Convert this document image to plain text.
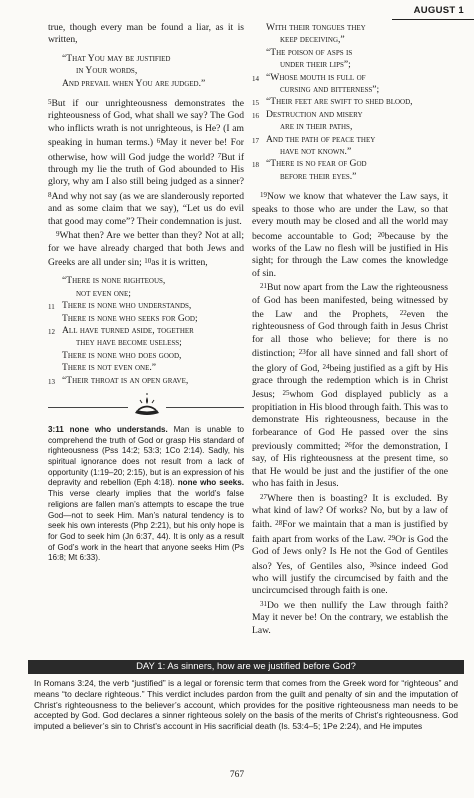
AUGUST 1
true, though every man be found a liar, as it is written,
“That You may be justified
in Your words,
And prevail when You are judged.”
$^5$But if our unrighteousness demonstrates the righteousness of God, what shall we say? The God who inflicts wrath is not unrighteous, is He? (I am speaking in human terms.) $^6$May it never be! For otherwise, how will God judge the world? $^7$But if through my lie the truth of God abounded to His glory, why am I also still being judged as a sinner? $^8$And why not say (as we are slanderously reported and as some claim that we say), “Let us do evil that good may come”? Their condemnation is just.
$^9$What then? Are we better than they? Not at all; for we have already charged that both Jews and Greeks are all under sin; $^{10}$as it is written,
“There is none righteous,
not even one;
11 There is none who understands,
There is none who seeks for God;
12 All have turned aside, together
they have become useless;
There is none who does good,
There is not even one.”
13 “Their throat is an open grave,
3:11 none who understands. Man is unable to comprehend the truth of God or grasp His standard of righteousness (Pss 14:2; 53:3; 1Co 2:14). Sadly, his spiritual ignorance does not result from a lack of opportunity (1:19–20; 2:15), but is an expression of his depravity and rebellion (Eph 4:18). none who seeks. This verse clearly implies that the world’s false religions are fallen man’s attempts to escape the true God—not to seek Him. Man’s natural tendency is to seek his own interests (Php 2:21), but his only hope is for God to seek him (Jn 6:37, 44). It is only as a result of God’s work in the heart that anyone seeks Him (Ps 16:8; Mt 6:33).
With their tongues they
keep deceiving,”
“The poison of asps is
under their lips”;
14 “Whose mouth is full of
cursing and bitterness”;
15 “Their feet are swift to shed blood,
16 Destruction and misery
are in their paths,
17 And the path of peace they
have not known.”
18 “There is no fear of God
before their eyes.”
$^{19}$Now we know that whatever the Law says, it speaks to those who are under the Law, so that every mouth may be closed and all the world may become accountable to God; $^{20}$because by the works of the Law no flesh will be justified in His sight; for through the Law comes the knowledge of sin.
$^{21}$But now apart from the Law the righteousness of God has been manifested, being witnessed by the Law and the Prophets, $^{22}$even the righteousness of God through faith in Jesus Christ for all those who believe; for there is no distinction; $^{23}$for all have sinned and fall short of the glory of God, $^{24}$being justified as a gift by His grace through the redemption which is in Christ Jesus; $^{25}$whom God displayed publicly as a propitiation in His blood through faith. This was to demonstrate His righteousness, because in the forbearance of God He passed over the sins previously committed; $^{26}$for the demonstration, I say, of His righteousness at the present time, so that He would be just and the justifier of the one who has faith in Jesus.
$^{27}$Where then is boasting? It is excluded. By what kind of law? Of works? No, but by a law of faith. $^{28}$For we maintain that a man is justified by faith apart from works of the Law. $^{29}$Or is God the God of Jews only? Is He not the God of Gentiles also? Yes, of Gentiles also, $^{30}$since indeed God who will justify the circumcised by faith and the uncircumcised through faith is one.
$^{31}$Do we then nullify the Law through faith? May it never be! On the contrary, we establish the Law.
DAY 1: As sinners, how are we justified before God?
In Romans 3:24, the verb “justified” is a legal or forensic term that comes from the Greek word for “righteous” and means “to declare righteous.” This verdict includes pardon from the guilt and penalty of sin and the imputation of Christ’s righteousness to the believer’s account, which provides for the positive righteousness man needs to be accepted by God. God declares a sinner righteous solely on the basis of the merits of Christ’s righteousness. God imputed a believer’s sin to Christ’s account in His sacrificial death (Is. 53:4–5; 1Pe 2:24), and He imputes
767
